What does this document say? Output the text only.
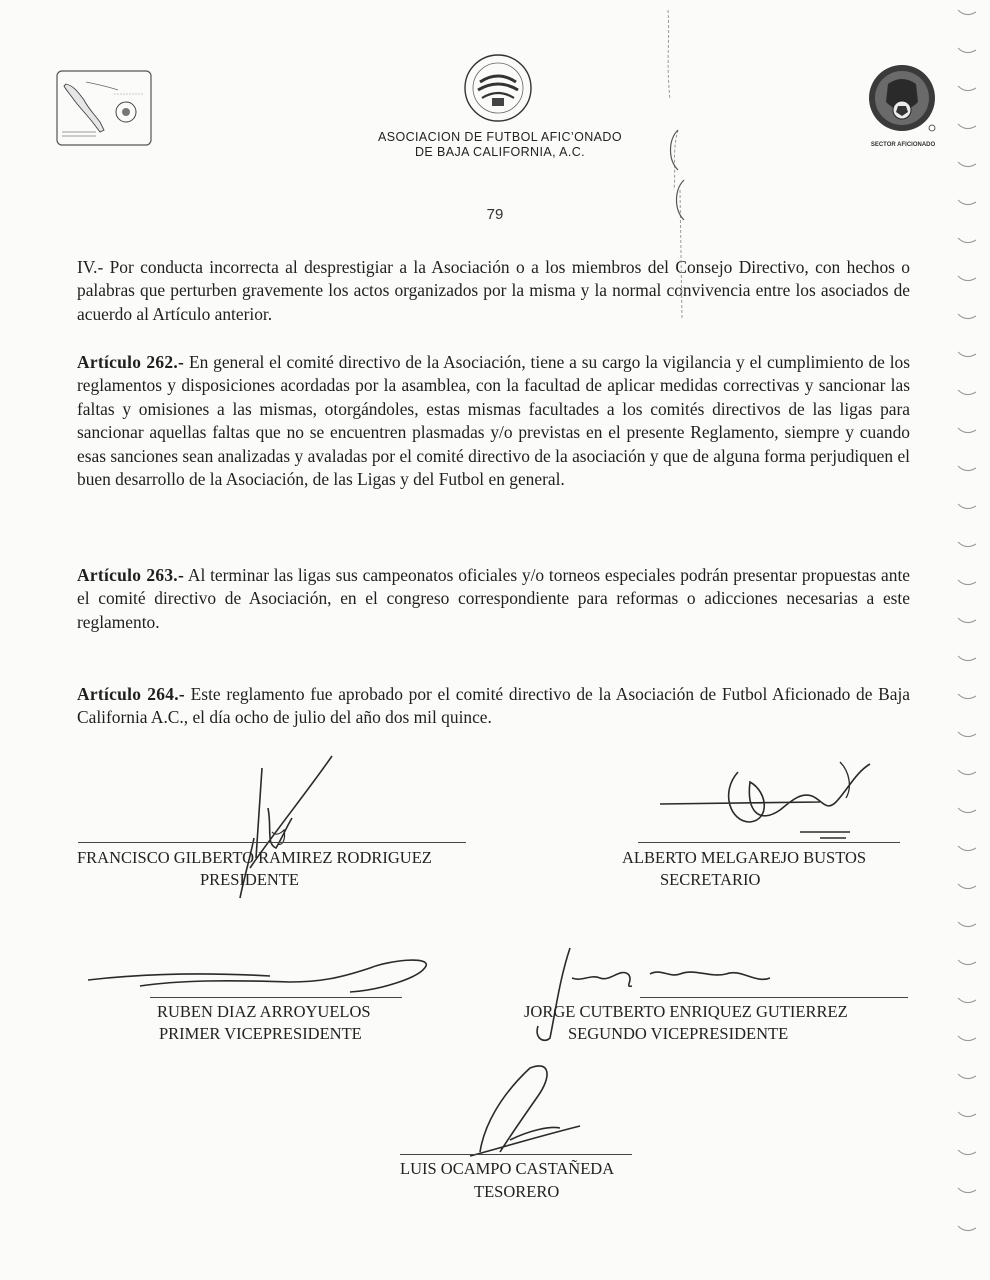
ASOCIACION DE FUTBOL AFIC’ONADO
DE BAJA CALIFORNIA, A.C.	SECTOR AFICIONADO
79
IV.- Por conducta incorrecta al desprestigiar a la Asociación o a los miembros del Consejo Directivo, con hechos o palabras que perturben gravemente los actos organizados por la misma y la normal convivencia entre los asociados de acuerdo al Artículo anterior.
Artículo 262.- En general el comité directivo de la Asociación, tiene a su cargo la vigilancia y el cumplimiento de los reglamentos y disposiciones acordadas por la asamblea, con la facultad de aplicar medidas correctivas y sancionar las faltas y omisiones a las mismas, otorgándoles, estas mismas facultades a los comités directivos de las ligas para sancionar aquellas faltas que no se encuentren plasmadas y/o previstas en el presente Reglamento, siempre y cuando esas sanciones sean analizadas y avaladas por el comité directivo de la asociación y que de alguna forma perjudiquen el buen desarrollo de la Asociación, de las Ligas y del Futbol en general.
Artículo 263.- Al terminar las ligas sus campeonatos oficiales y/o torneos especiales podrán presentar propuestas ante el comité directivo de Asociación, en el congreso correspondiente para reformas o adicciones necesarias a este reglamento.
Artículo 264.- Este reglamento fue aprobado por el comité directivo de la Asociación de Futbol Aficionado de Baja California A.C., el día ocho de julio del año dos mil quince.
FRANCISCO GILBERTO RAMIREZ RODRIGUEZ
PRESIDENTE
ALBERTO MELGAREJO BUSTOS
SECRETARIO
RUBEN DIAZ ARROYUELOS
PRIMER VICEPRESIDENTE
JORGE CUTBERTO ENRIQUEZ GUTIERREZ
SEGUNDO VICEPRESIDENTE
LUIS OCAMPO CASTAÑEDA
TESORERO
